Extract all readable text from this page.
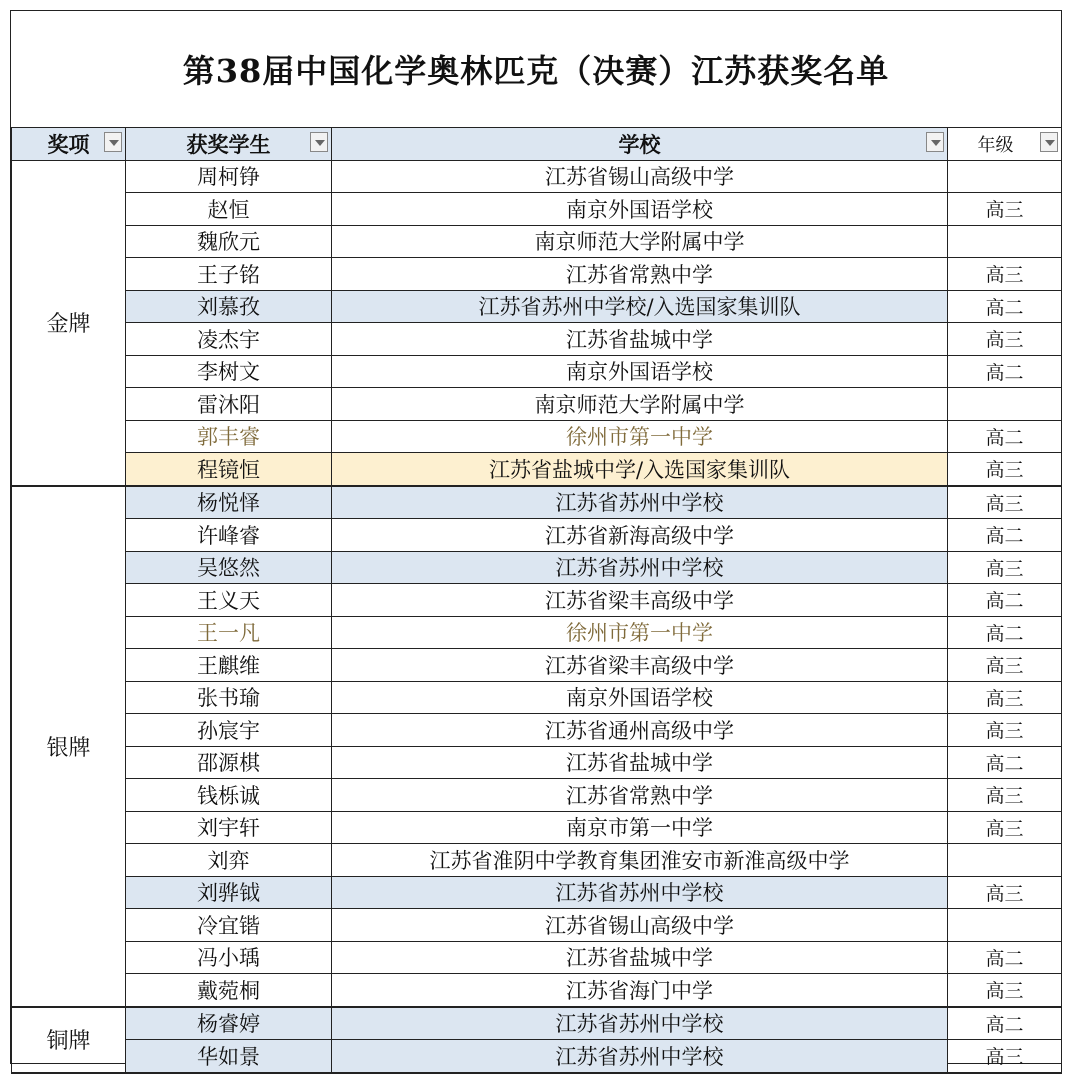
第38届中国化学奥林匹克（决赛）江苏获奖名单
奖项	获奖学生	学校	年级

金牌	周柯铮	江苏省锡山高级中学	
	赵恒	南京外国语学校	高三
	魏欣元	南京师范大学附属中学	
	王子铭	江苏省常熟中学	高三
	刘慕孜	江苏省苏州中学校/入选国家集训队	高二
	凌杰宇	江苏省盐城中学	高三
	李树文	南京外国语学校	高二
	雷沐阳	南京师范大学附属中学	
	郭丰睿	徐州市第一中学	高二
	程镜恒	江苏省盐城中学/入选国家集训队	高三
银牌	杨悦怿	江苏省苏州中学校	高三
	许峰睿	江苏省新海高级中学	高二
	吴悠然	江苏省苏州中学校	高三
	王义天	江苏省梁丰高级中学	高二
	王一凡	徐州市第一中学	高二
	王麒维	江苏省梁丰高级中学	高三
	张书瑜	南京外国语学校	高三
	孙宸宇	江苏省通州高级中学	高三
	邵源棋	江苏省盐城中学	高二
	钱栎诚	江苏省常熟中学	高三
	刘宇轩	南京市第一中学	高三
	刘弈	江苏省淮阴中学教育集团淮安市新淮高级中学	
	刘骅钺	江苏省苏州中学校	高三
	冷宜锴	江苏省锡山高级中学	
	冯小瑀	江苏省盐城中学	高二
	戴菀桐	江苏省海门中学	高三
铜牌	杨睿婷	江苏省苏州中学校	高二
	华如景	江苏省苏州中学校	高三
